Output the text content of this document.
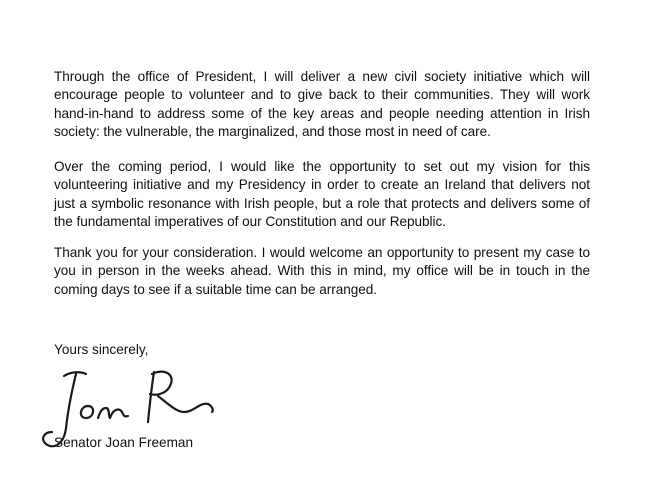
Through the office of President, I will deliver a new civil society initiative which will encourage people to volunteer and to give back to their communities. They will work hand-in-hand to address some of the key areas and people needing attention in Irish society: the vulnerable, the marginalized, and those most in need of care.

Over the coming period, I would like the opportunity to set out my vision for this volunteering initiative and my Presidency in order to create an Ireland that delivers not just a symbolic resonance with Irish people, but a role that protects and delivers some of the fundamental imperatives of our Constitution and our Republic.

Thank you for your consideration. I would welcome an opportunity to present my case to you in person in the weeks ahead. With this in mind, my office will be in touch in the coming days to see if a suitable time can be arranged.

Yours sincerely,
Senator Joan Freeman
